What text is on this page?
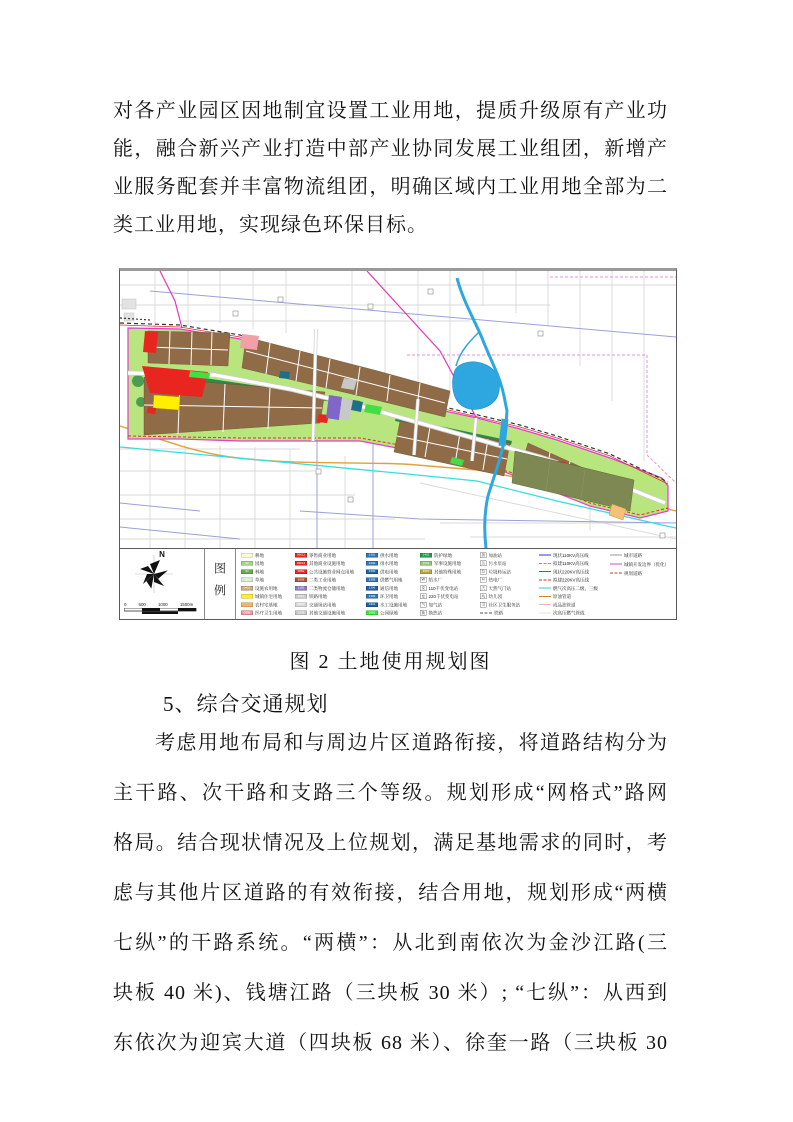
对各产业园区因地制宜设置工业用地，提质升级原有产业功
能，融合新兴产业打造中部产业协同发展工业组团，新增产
业服务配套并丰富物流组团，明确区域内工业用地全部为二
类工业用地，实现绿色环保目标。
N
0 500 1000 1500m	图例
耕地
02 园地
03 林地
04 草地
0402 设施农用地
城镇住宅用地
农村宅基地
0806 医疗卫生用地
09011 零售商业用地
09013 其他商业设施用地
006a 公共设施营业网点用地
1002 二类工业用地
1102 二类物流仓储用地
1201 铁路用地
1207 交通场站用地
1208 其他交通设施用地
1301 供水用地
1302 排水用地
1303 供电用地
1305 供燃气用地
1306 通信用地
1309 环卫用地
1311 水工设施用地
1401 公园绿地
1402 防护绿地
1501 军事设施用地
1507 其他特殊用地
W 给水厂
变 110千伏变电站
变 220千伏变电站
气 加气站
换 换热站
加 加油站
污 污水泵站
垃 垃圾转运站
H 热电厂
天 天然气门站
幼 幼儿园
卫 社区卫生服务站
铁路
现状110KV高压线
拟建110KV高压线
现状220KV高压线
拟建220KV高压线
燃气次高压二级、三级
原油管道
成品油管道
次高压燃气管线
城市道路
城镇开发边界（优化）
规划道路
图 2 土地使用规划图
5、综合交通规划
考虑用地布局和与周边片区道路衔接，将道路结构分为
主干路、次干路和支路三个等级。规划形成“网格式”路网
格局。结合现状情况及上位规划，满足基地需求的同时，考
虑与其他片区道路的有效衔接，结合用地，规划形成“两横
七纵”的干路系统。“两横”：从北到南依次为金沙江路(三
块板 40 米)、钱塘江路（三块板 30 米）; “七纵”：从西到
东依次为迎宾大道（四块板 68 米）、徐奎一路（三块板 30
